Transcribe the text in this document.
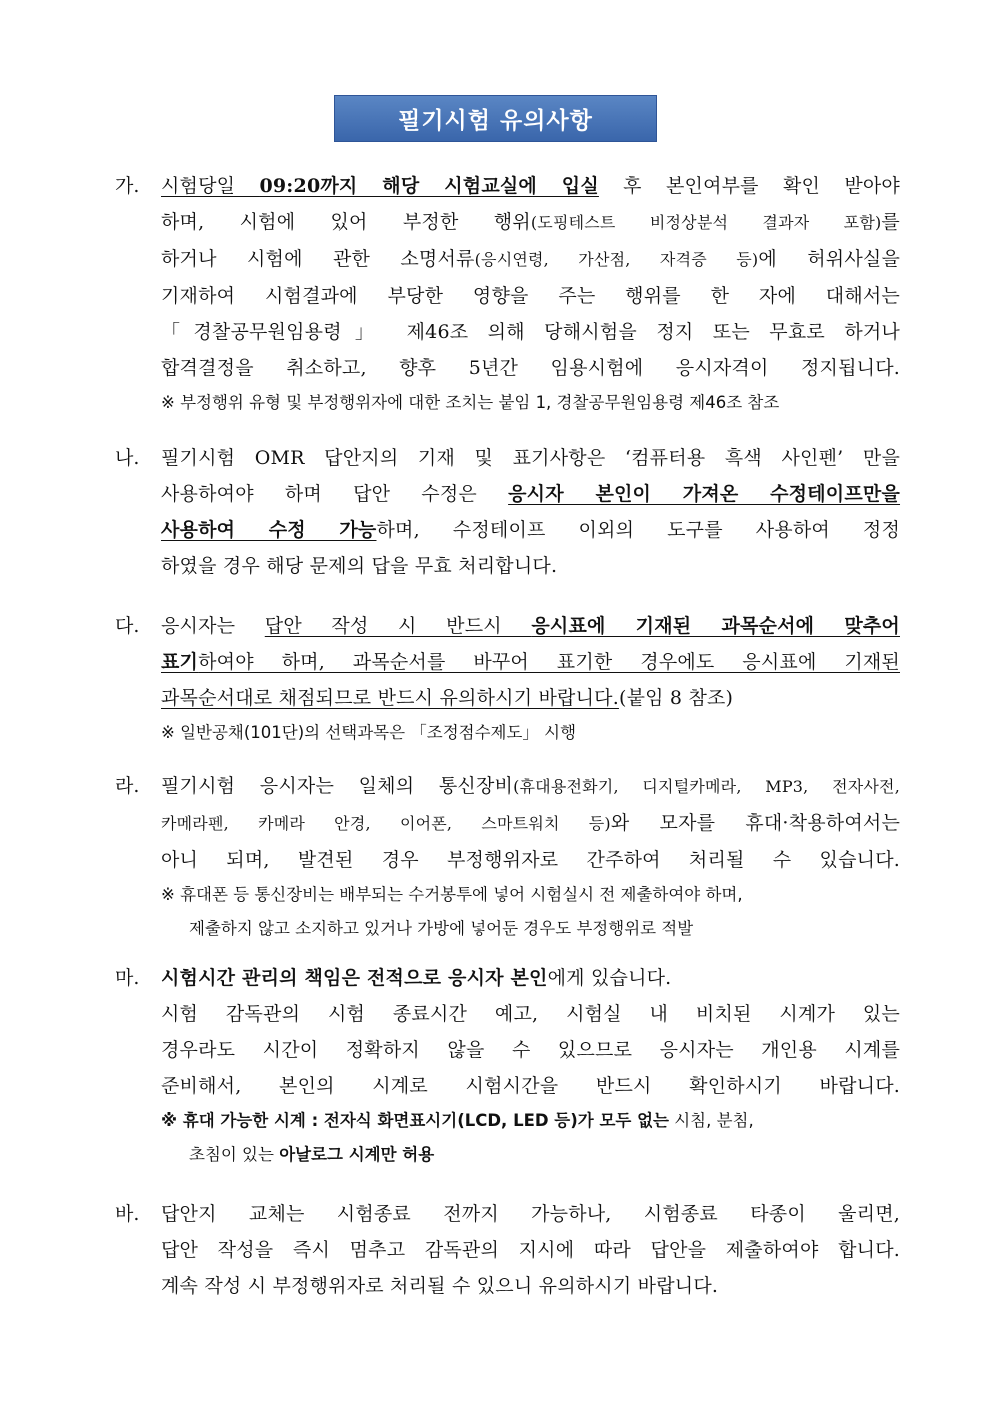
필기시험 유의사항
가. 시험당일 09:20까지 해당 시험교실에 입실 후 본인여부를 확인 받아야
하며, 시험에 있어 부정한 행위(도핑테스트 비정상분석 결과자 포함)를
하거나 시험에 관한 소명서류(응시연령, 가산점, 자격증 등)에 허위사실을
기재하여 시험결과에 부당한 영향을 주는 행위를 한 자에 대해서는
「경찰공무원임용령」 제46조 의해 당해시험을 정지 또는 무효로 하거나
합격결정을 취소하고, 향후 5년간 임용시험에 응시자격이 정지됩니다.
※ 부정행위 유형 및 부정행위자에 대한 조치는 붙임 1, 경찰공무원임용령 제46조 참조
나. 필기시험 OMR 답안지의 기재 및 표기사항은 ‘컴퓨터용 흑색 사인펜’ 만을
사용하여야 하며 답안 수정은 응시자 본인이 가져온 수정테이프만을
사용하여 수정 가능하며, 수정테이프 이외의 도구를 사용하여 정정
하였을 경우 해당 문제의 답을 무효 처리합니다.
다. 응시자는 답안 작성 시 반드시 응시표에 기재된 과목순서에 맞추어
표기하여야 하며, 과목순서를 바꾸어 표기한 경우에도 응시표에 기재된
과목순서대로 채점되므로 반드시 유의하시기 바랍니다.(붙임 8 참조)
※ 일반공채(101단)의 선택과목은 「조정점수제도」 시행
라. 필기시험 응시자는 일체의 통신장비(휴대용전화기, 디지털카메라, MP3, 전자사전,
카메라펜, 카메라 안경, 이어폰, 스마트워치 등)와 모자를 휴대·착용하여서는
아니 되며, 발견된 경우 부정행위자로 간주하여 처리될 수 있습니다.
※ 휴대폰 등 통신장비는 배부되는 수거봉투에 넣어 시험실시 전 제출하여야 하며,
제출하지 않고 소지하고 있거나 가방에 넣어둔 경우도 부정행위로 적발
마. 시험시간 관리의 책임은 전적으로 응시자 본인에게 있습니다.
시험 감독관의 시험 종료시간 예고, 시험실 내 비치된 시계가 있는
경우라도 시간이 정확하지 않을 수 있으므로 응시자는 개인용 시계를
준비해서, 본인의 시계로 시험시간을 반드시 확인하시기 바랍니다.
※ 휴대 가능한 시계 : 전자식 화면표시기(LCD, LED 등)가 모두 없는 시침, 분침,
초침이 있는 아날로그 시계만 허용
바. 답안지 교체는 시험종료 전까지 가능하나, 시험종료 타종이 울리면,
답안 작성을 즉시 멈추고 감독관의 지시에 따라 답안을 제출하여야 합니다.
계속 작성 시 부정행위자로 처리될 수 있으니 유의하시기 바랍니다.
